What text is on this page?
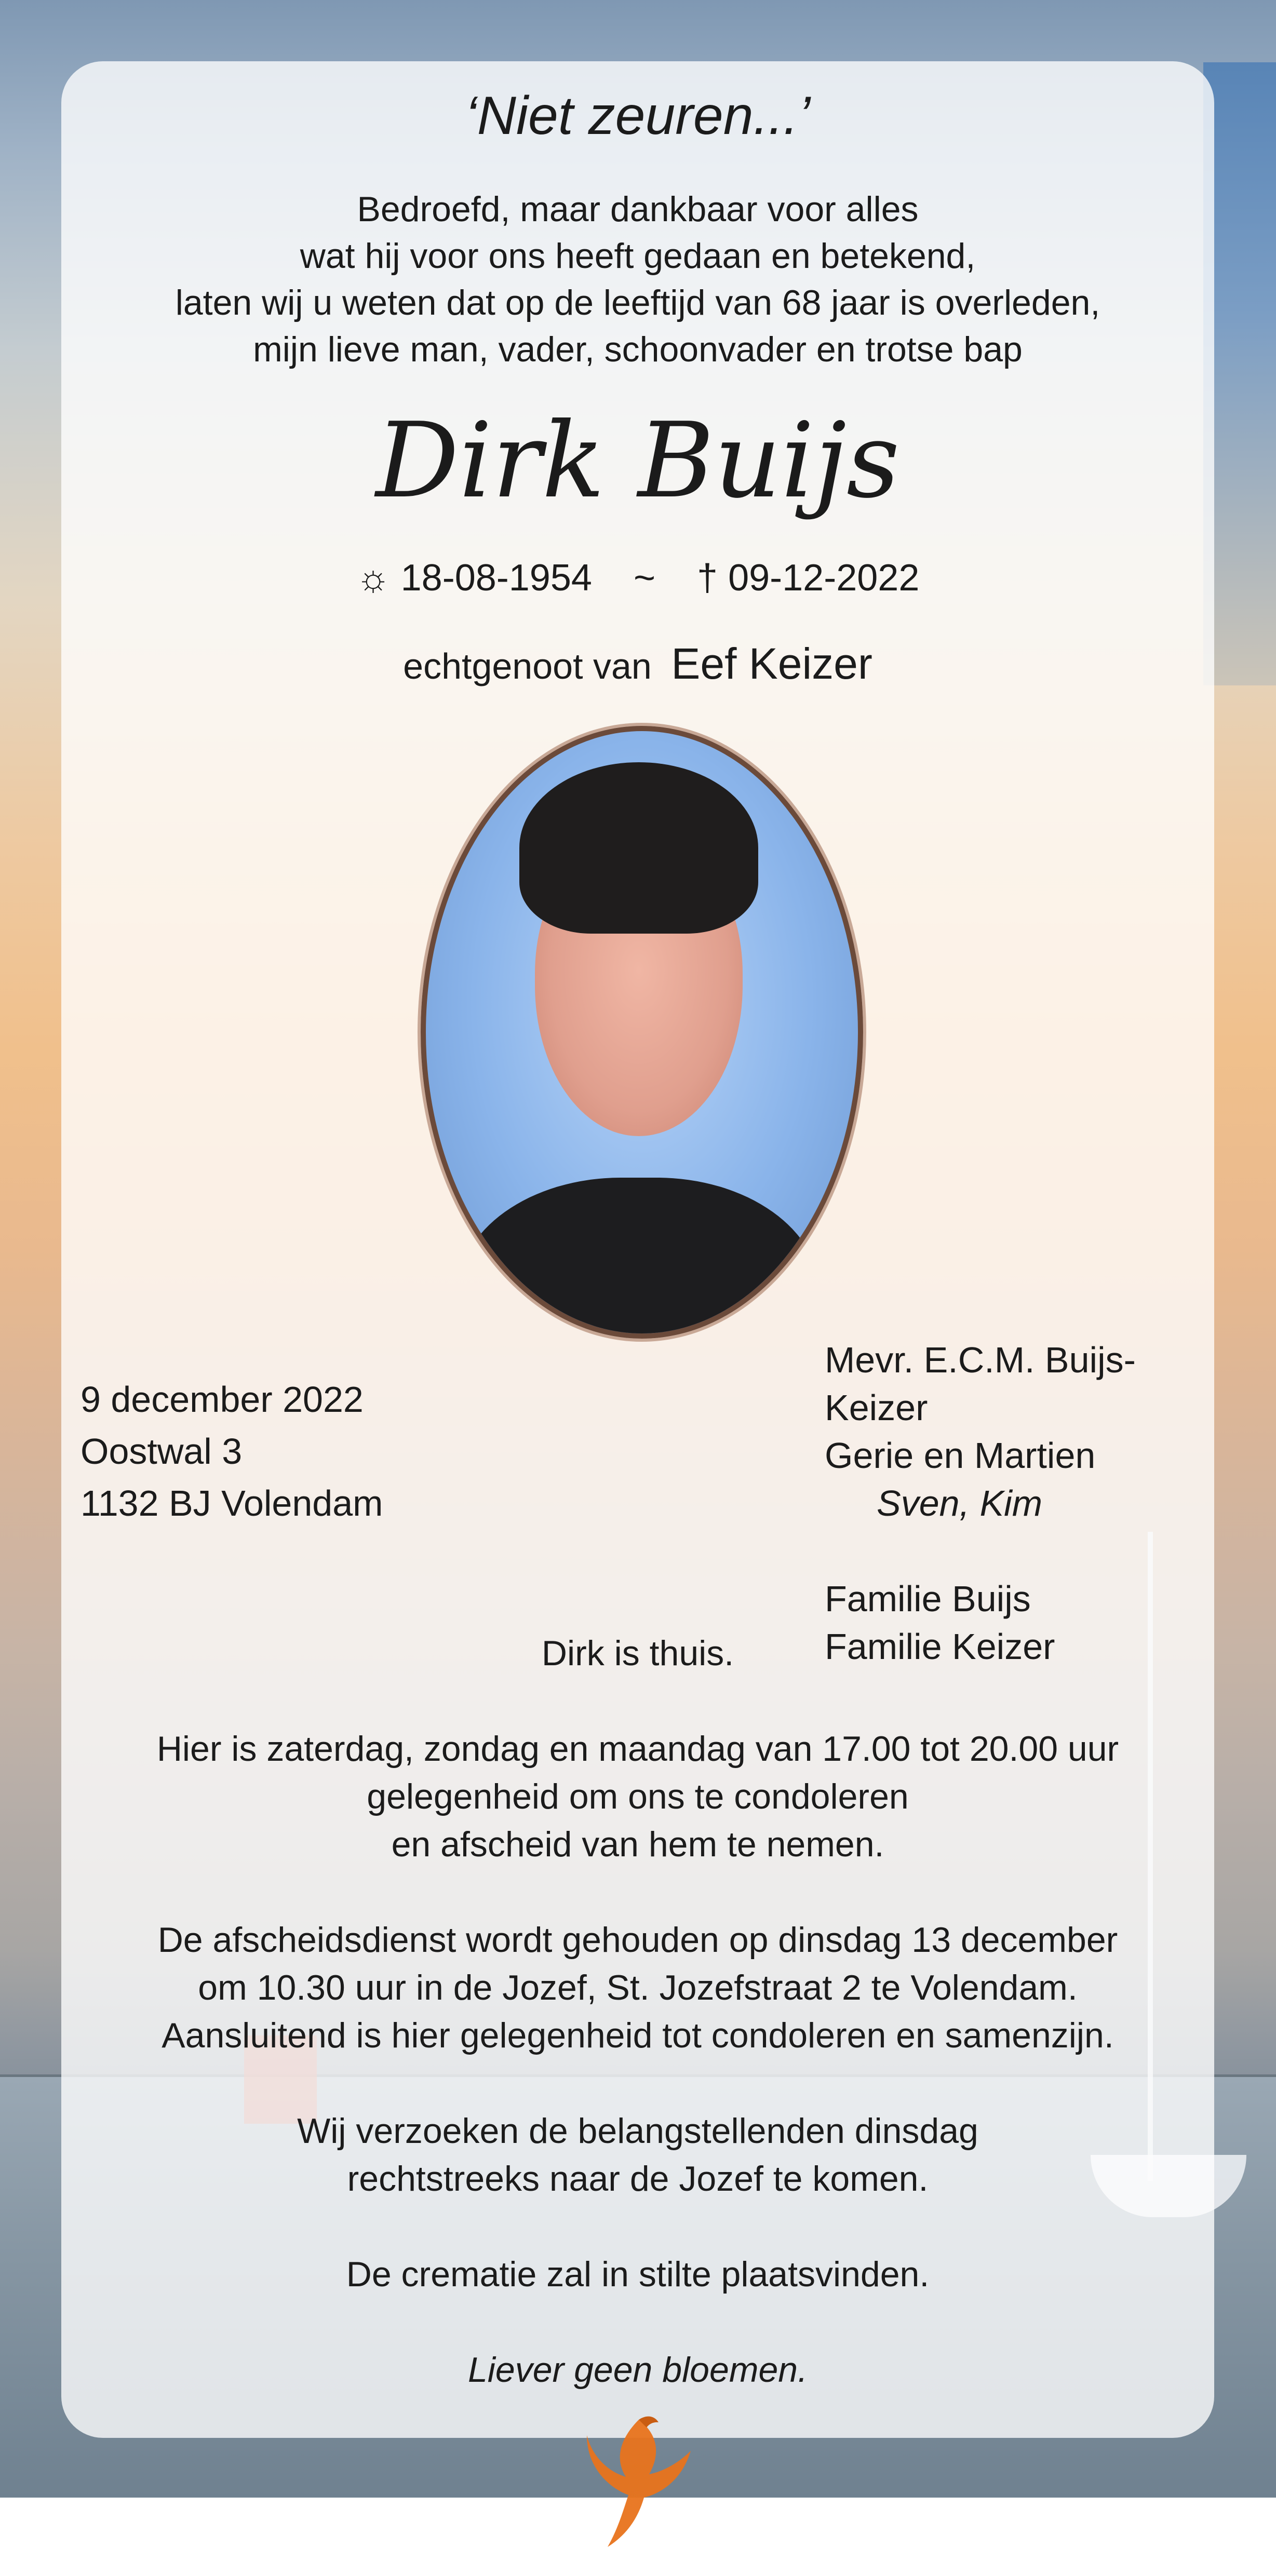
‘Niet zeuren...’
Bedroefd, maar dankbaar voor alles
wat hij voor ons heeft gedaan en betekend,
laten wij u weten dat op de leeftijd van 68 jaar is overleden,
mijn lieve man, vader, schoonvader en trotse bap
Dirk Buijs
☼ 18-08-1954 ~ † 09-12-2022
echtgenoot van Eef Keizer
Mevr. E.C.M. Buijs-Keizer
Gerie en Martien
Sven, Kim
Familie Buijs
Familie Keizer
Dirk is thuis.
Hier is zaterdag, zondag en maandag van 17.00 tot 20.00 uur
gelegenheid om ons te condoleren
en afscheid van hem te nemen.
De afscheidsdienst wordt gehouden op dinsdag 13 december
om 10.30 uur in de Jozef, St. Jozefstraat 2 te Volendam.
Aansluitend is hier gelegenheid tot condoleren en samenzijn.
Wij verzoeken de belangstellenden dinsdag
rechtstreeks naar de Jozef te komen.
De crematie zal in stilte plaatsvinden.
Liever geen bloemen.
9 december 2022
Oostwal 3
1132 BJ Volendam
